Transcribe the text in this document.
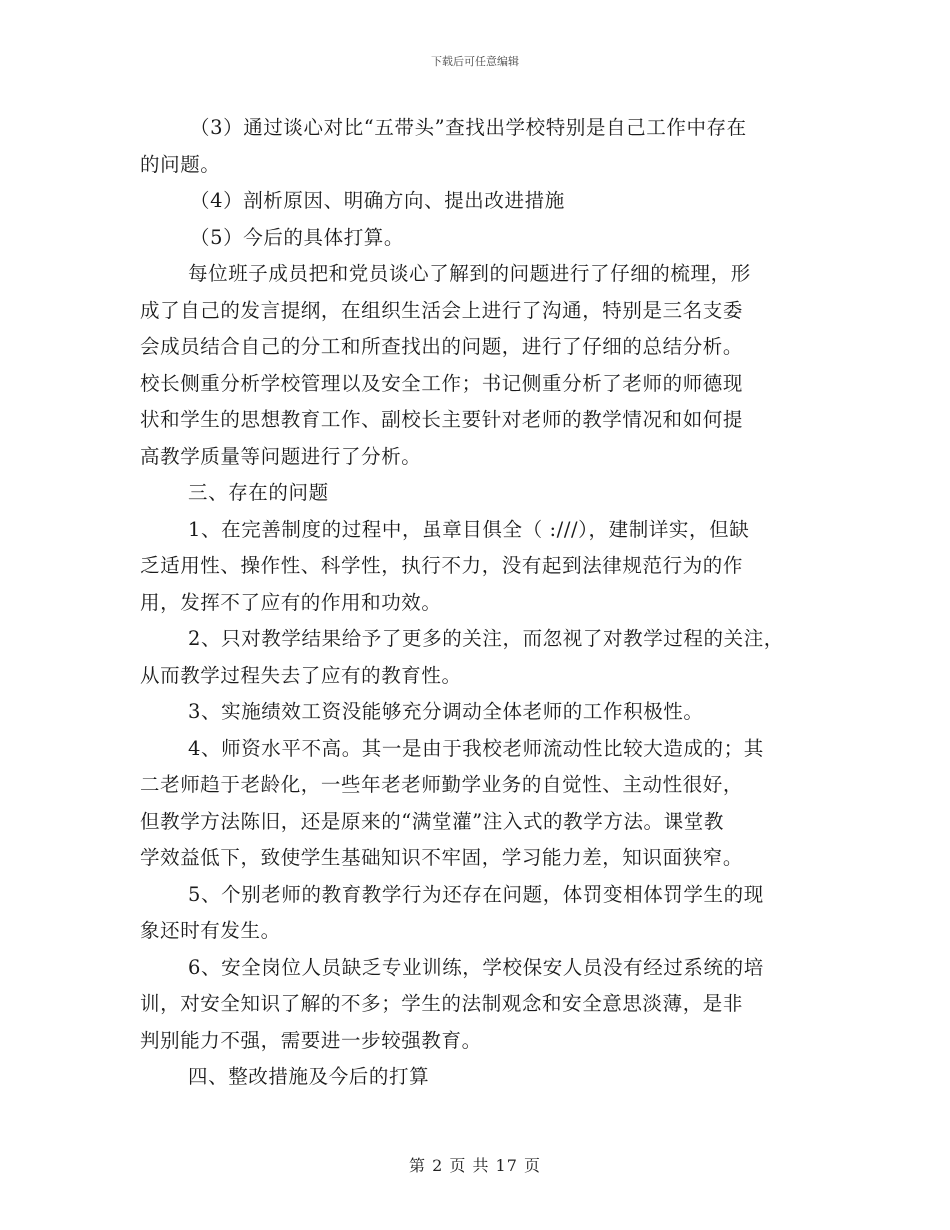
下载后可任意编辑
（3）通过谈心对比“五带头”查找出学校特别是自己工作中存在
的问题。
（4）剖析原因、明确方向、提出改进措施
（5）今后的具体打算。
每位班子成员把和党员谈心了解到的问题进行了仔细的梳理，形
成了自己的发言提纲，在组织生活会上进行了沟通，特别是三名支委
会成员结合自己的分工和所查找出的问题，进行了仔细的总结分析。
校长侧重分析学校管理以及安全工作；书记侧重分析了老师的师德现
状和学生的思想教育工作、副校长主要针对老师的教学情况和如何提
高教学质量等问题进行了分析。
三、存在的问题
1、在完善制度的过程中，虽章目俱全（ :///），建制详实，但缺
乏适用性、操作性、科学性，执行不力，没有起到法律规范行为的作
用，发挥不了应有的作用和功效。
2、只对教学结果给予了更多的关注，而忽视了对教学过程的关注，
从而教学过程失去了应有的教育性。
3、实施绩效工资没能够充分调动全体老师的工作积极性。
4、师资水平不高。其一是由于我校老师流动性比较大造成的；其
二老师趋于老龄化，一些年老老师勤学业务的自觉性、主动性很好，
但教学方法陈旧，还是原来的“满堂灌”注入式的教学方法。课堂教
学效益低下，致使学生基础知识不牢固，学习能力差，知识面狭窄。
5、个别老师的教育教学行为还存在问题，体罚变相体罚学生的现
象还时有发生。
6、安全岗位人员缺乏专业训练，学校保安人员没有经过系统的培
训，对安全知识了解的不多；学生的法制观念和安全意思淡薄，是非
判别能力不强，需要进一步较强教育。
四、整改措施及今后的打算
第 2 页 共 17 页
